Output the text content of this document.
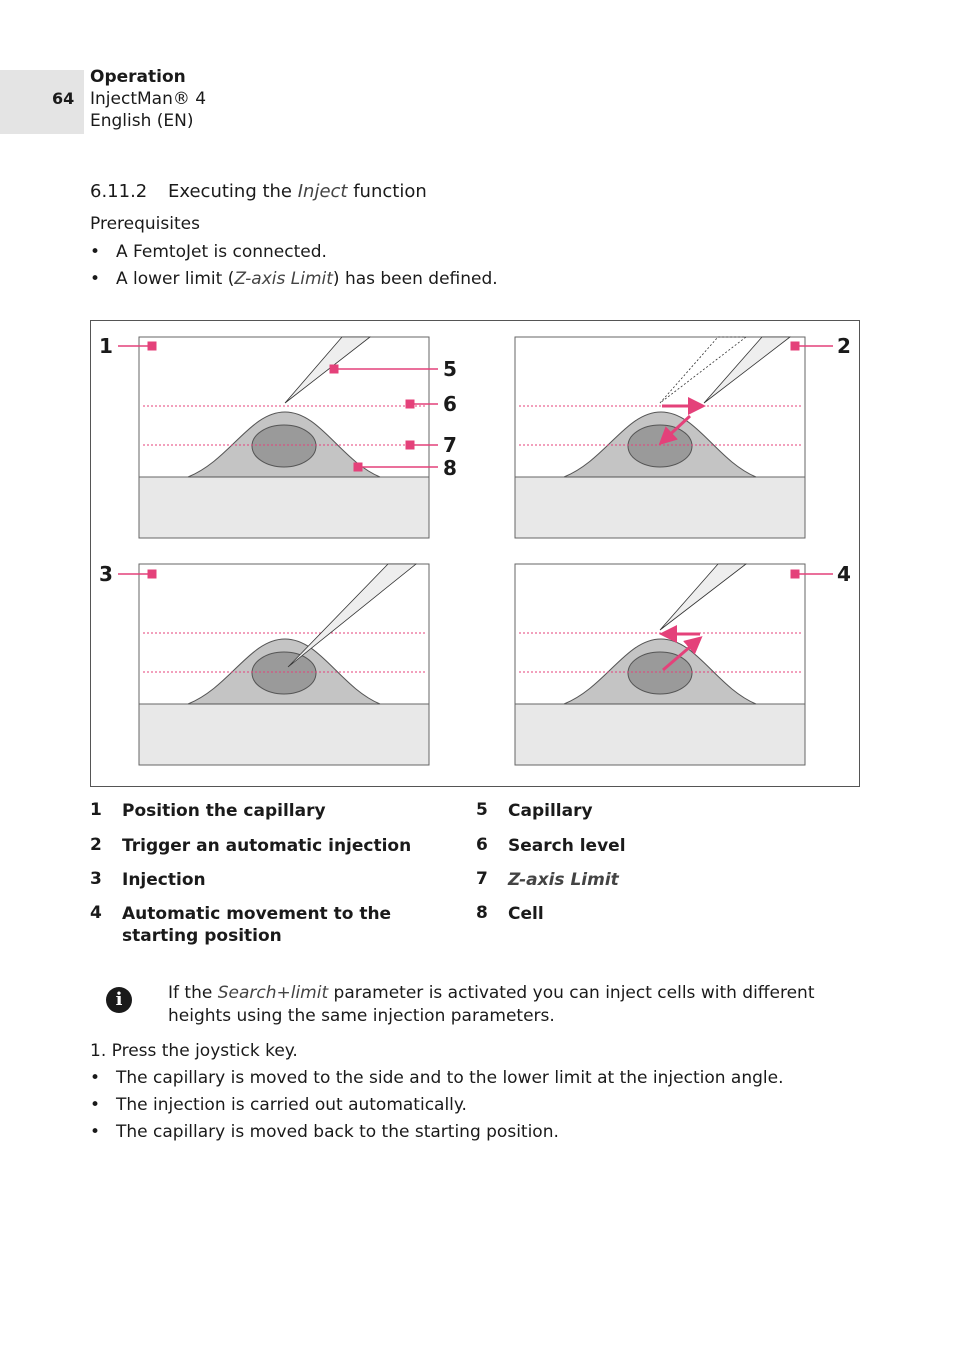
64
Operation
InjectMan® 4
English (EN)
6.11.2 Executing the Inject function
Prerequisites
• A FemtoJet is connected.
• A lower limit (Z-axis Limit) has been defined.
1	2
3	4
5
6
7
8
1 Position the capillary
2 Trigger an automatic injection
3 Injection
4 Automatic movement to the starting position
5 Capillary
6 Search level
7 Z-axis Limit
8 Cell
i	If the Search+limit parameter is activated you can inject cells with different heights using the same injection parameters.
1. Press the joystick key.
• The capillary is moved to the side and to the lower limit at the injection angle.
• The injection is carried out automatically.
• The capillary is moved back to the starting position.
